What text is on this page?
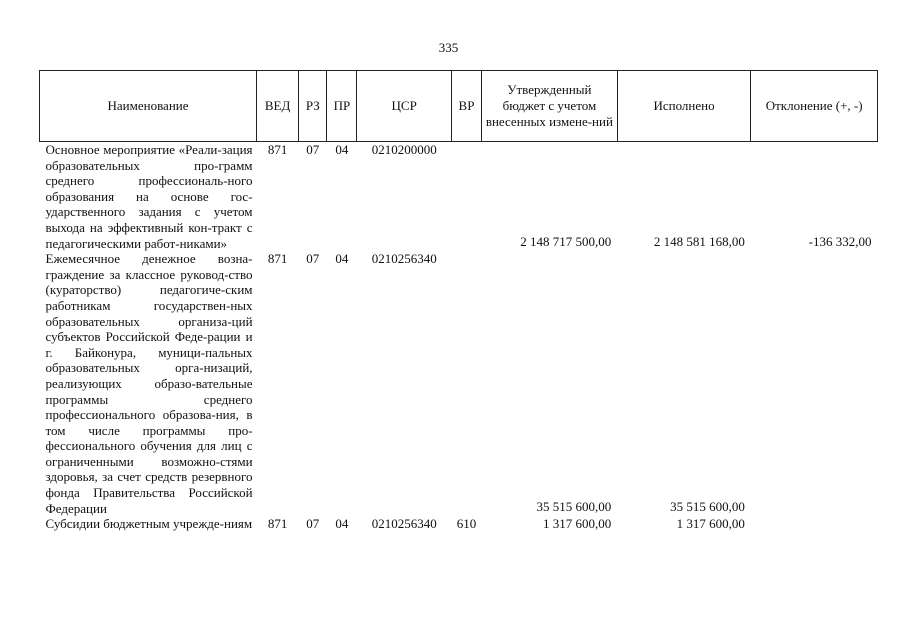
335
Наименование	ВЕД	РЗ	ПР	ЦСР	ВР	Утвержденный бюджет с учетом внесенных измене-ний	Исполнено	Отклонение (+, -)
Основное мероприятие «Реали-зация образовательных про-грамм среднего профессиональ-ного образования на основе гос-ударственного задания с учетом выхода на эффективный кон-тракт с педагогическими работ-никами»	871	07	04	0210200000		2 148 717 500,00	2 148 581 168,00	-136 332,00
Ежемесячное денежное возна-граждение за классное руковод-ство (кураторство) педагогиче-ским работникам государствен-ных образовательных организа-ций субъектов Российской Феде-рации и г. Байконура, муници-пальных образовательных орга-низаций, реализующих образо-вательные программы среднего профессионального образова-ния, в том числе программы про-фессионального обучения для лиц с ограниченными возможно-стями здоровья, за счет средств резервного фонда Правительства Российской Федерации	871	07	04	0210256340		35 515 600,00	35 515 600,00	
Субсидии бюджетным учрежде-ниям	871	07	04	0210256340	610	1 317 600,00	1 317 600,00	
